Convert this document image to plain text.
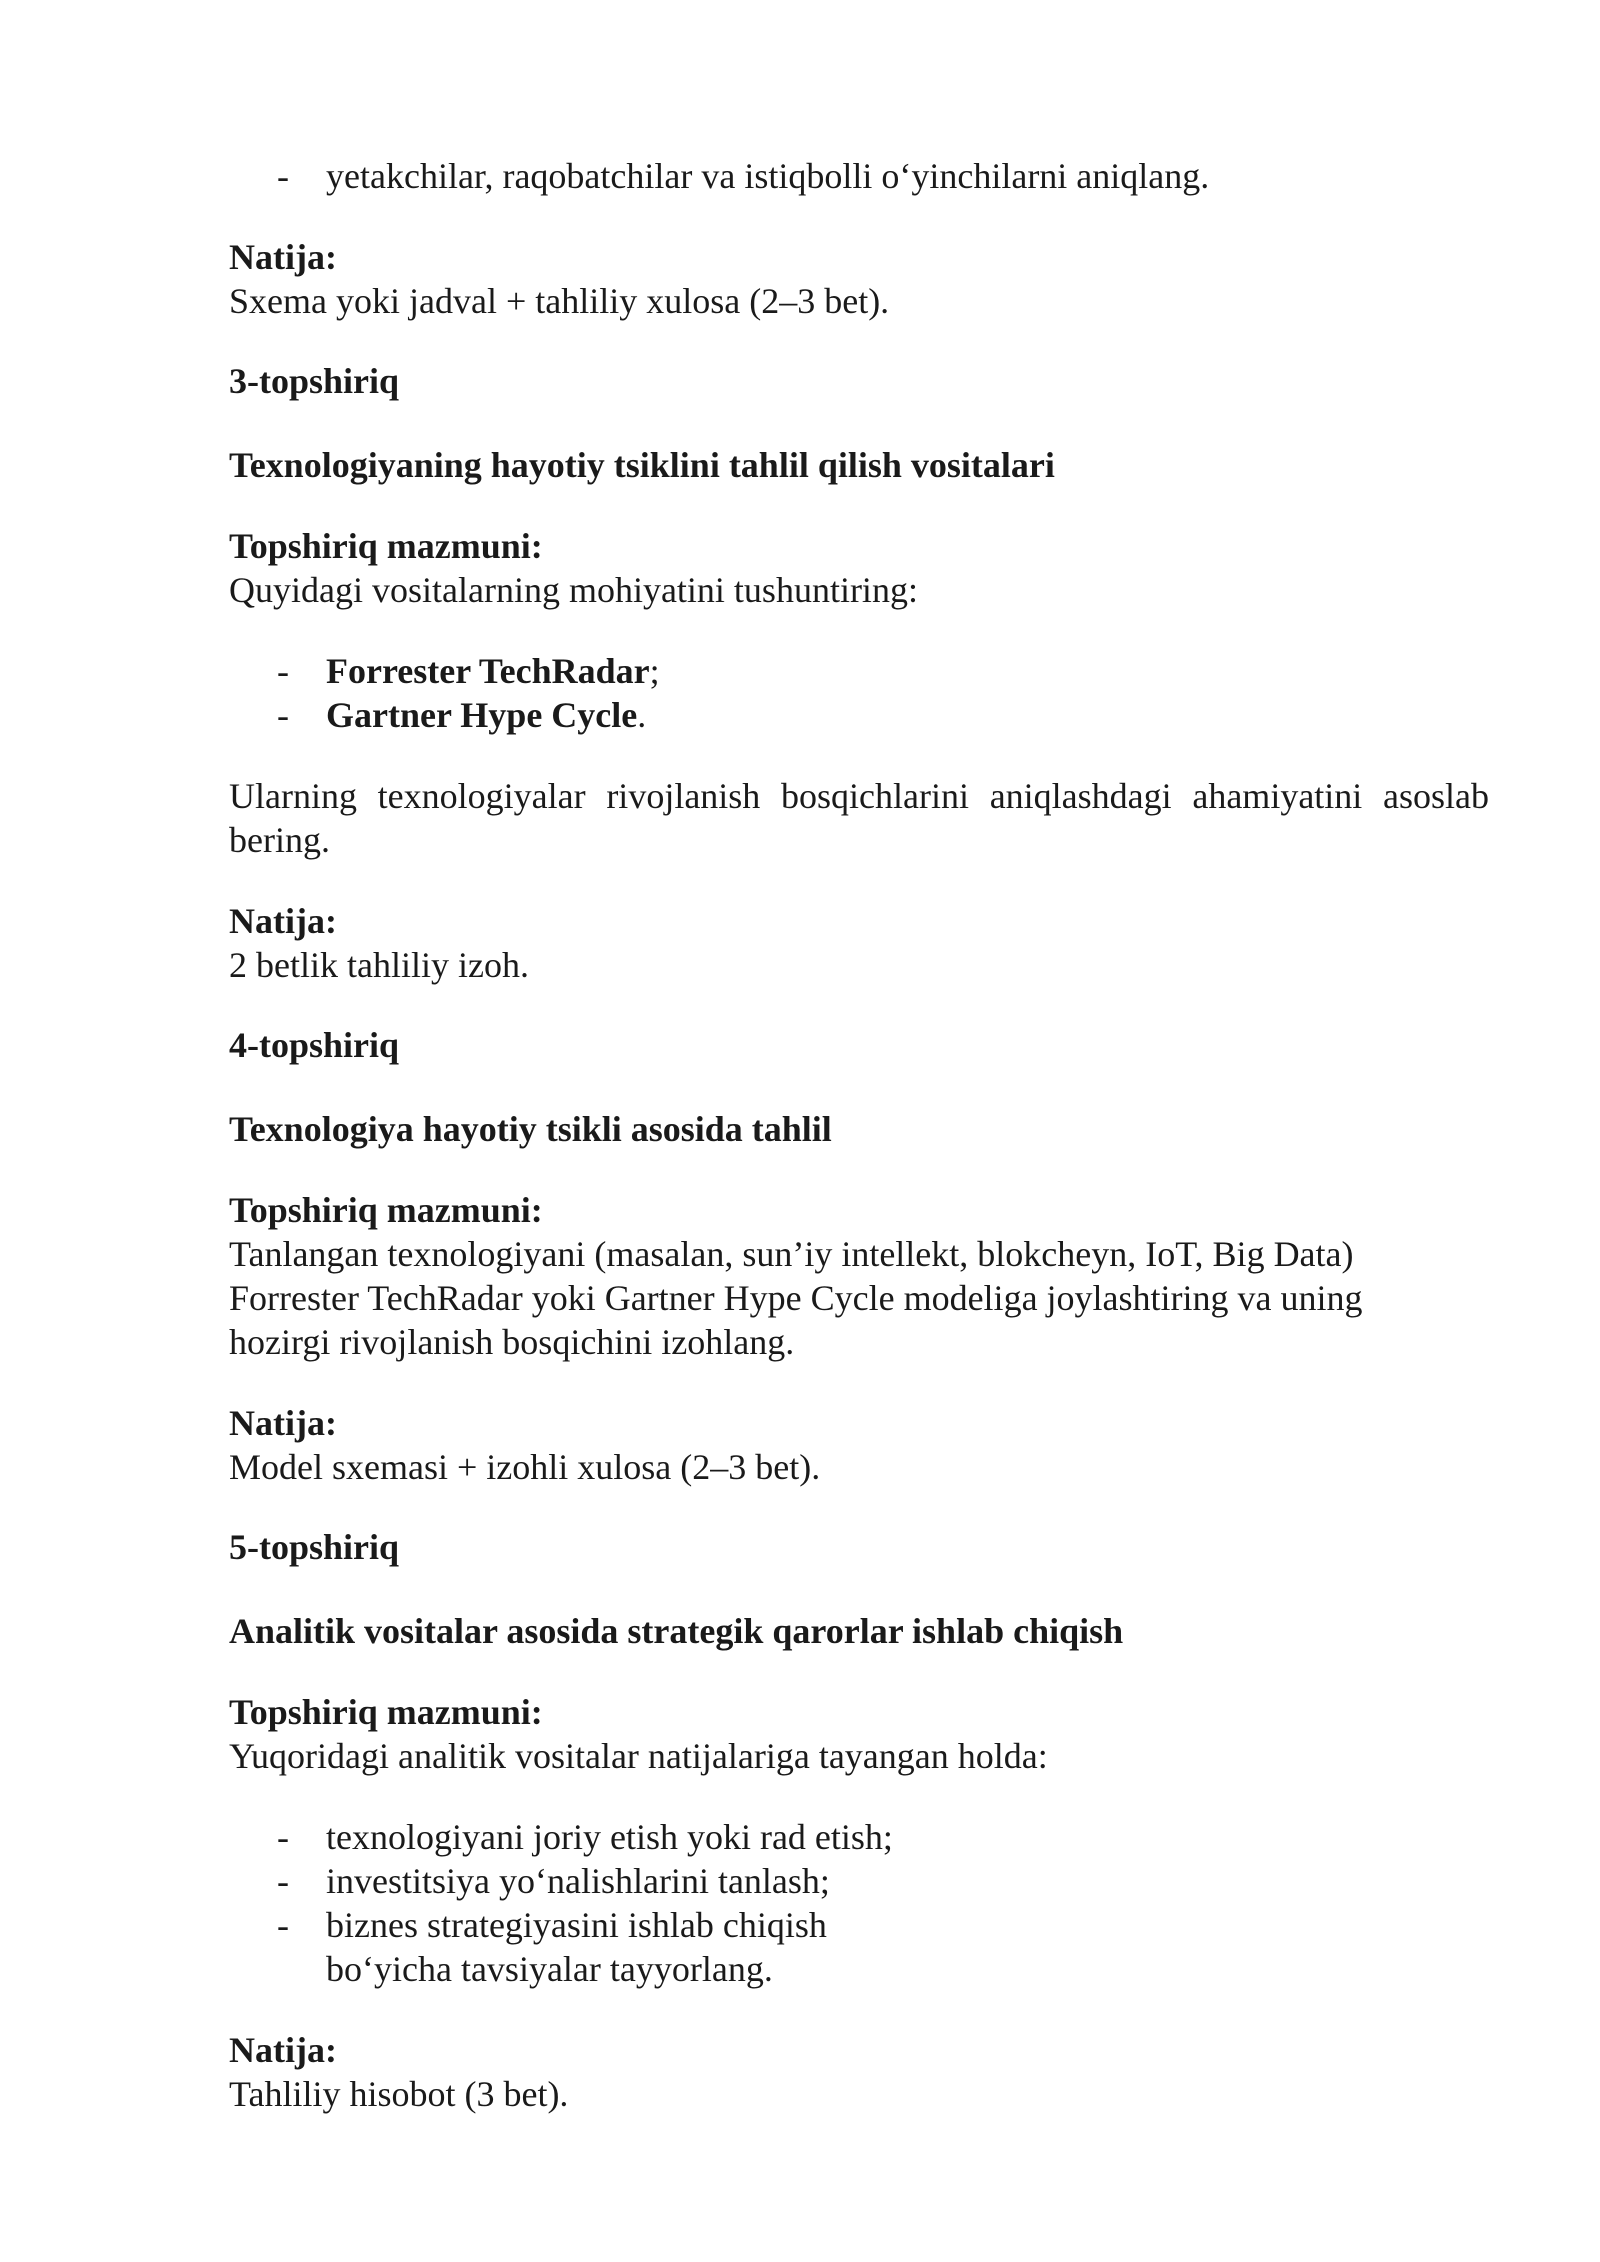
- yetakchilar, raqobatchilar va istiqbolli o‘yinchilarni aniqlang.
Natija:
Sxema yoki jadval + tahliliy xulosa (2–3 bet).
3-topshiriq
Texnologiyaning hayotiy tsiklini tahlil qilish vositalari
Topshiriq mazmuni:
Quyidagi vositalarning mohiyatini tushuntiring:
- Forrester TechRadar;
- Gartner Hype Cycle.
Ularning texnologiyalar rivojlanish bosqichlarini aniqlashdagi ahamiyatini asoslab bering.
Natija:
2 betlik tahliliy izoh.
4-topshiriq
Texnologiya hayotiy tsikli asosida tahlil
Topshiriq mazmuni:
Tanlangan texnologiyani (masalan, sun’iy intellekt, blokcheyn, IoT, Big Data)
Forrester TechRadar yoki Gartner Hype Cycle modeliga joylashtiring va uning
hozirgi rivojlanish bosqichini izohlang.
Natija:
Model sxemasi + izohli xulosa (2–3 bet).
5-topshiriq
Analitik vositalar asosida strategik qarorlar ishlab chiqish
Topshiriq mazmuni:
Yuqoridagi analitik vositalar natijalariga tayangan holda:
- texnologiyani joriy etish yoki rad etish;
- investitsiya yo‘nalishlarini tanlash;
- biznes strategiyasini ishlab chiqish
bo‘yicha tavsiyalar tayyorlang.
Natija:
Tahliliy hisobot (3 bet).
